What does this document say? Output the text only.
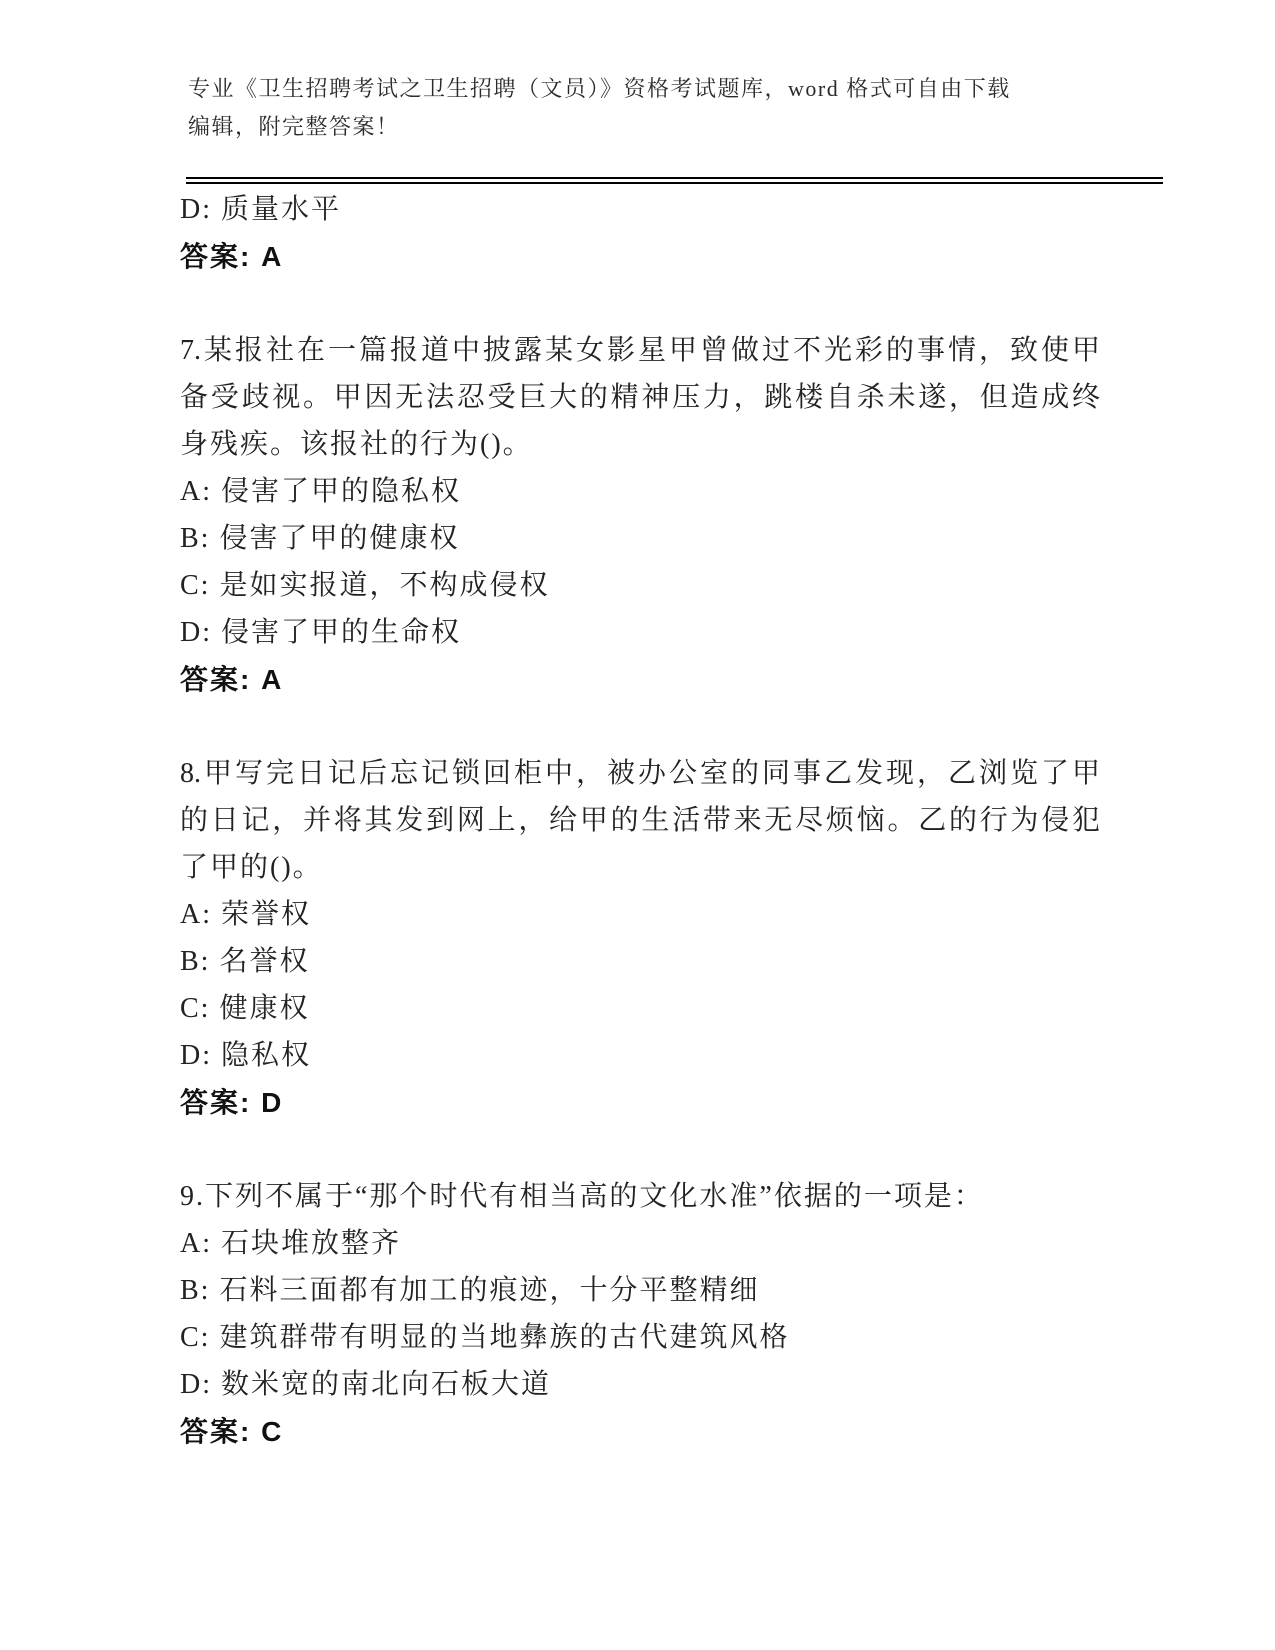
专业《卫生招聘考试之卫生招聘（文员）》资格考试题库，word 格式可自由下载
编辑，附完整答案！
D: 质量水平
答案: A
7.某报社在一篇报道中披露某女影星甲曾做过不光彩的事情，致使甲
备受歧视。甲因无法忍受巨大的精神压力，跳楼自杀未遂，但造成终
身残疾。该报社的行为()。
A: 侵害了甲的隐私权
B: 侵害了甲的健康权
C: 是如实报道，不构成侵权
D: 侵害了甲的生命权
答案: A
8.甲写完日记后忘记锁回柜中，被办公室的同事乙发现，乙浏览了甲
的日记，并将其发到网上，给甲的生活带来无尽烦恼。乙的行为侵犯
了甲的()。
A: 荣誉权
B: 名誉权
C: 健康权
D: 隐私权
答案: D
9.下列不属于“那个时代有相当高的文化水准”依据的一项是：
A: 石块堆放整齐
B: 石料三面都有加工的痕迹，十分平整精细
C: 建筑群带有明显的当地彝族的古代建筑风格
D: 数米宽的南北向石板大道
答案: C
